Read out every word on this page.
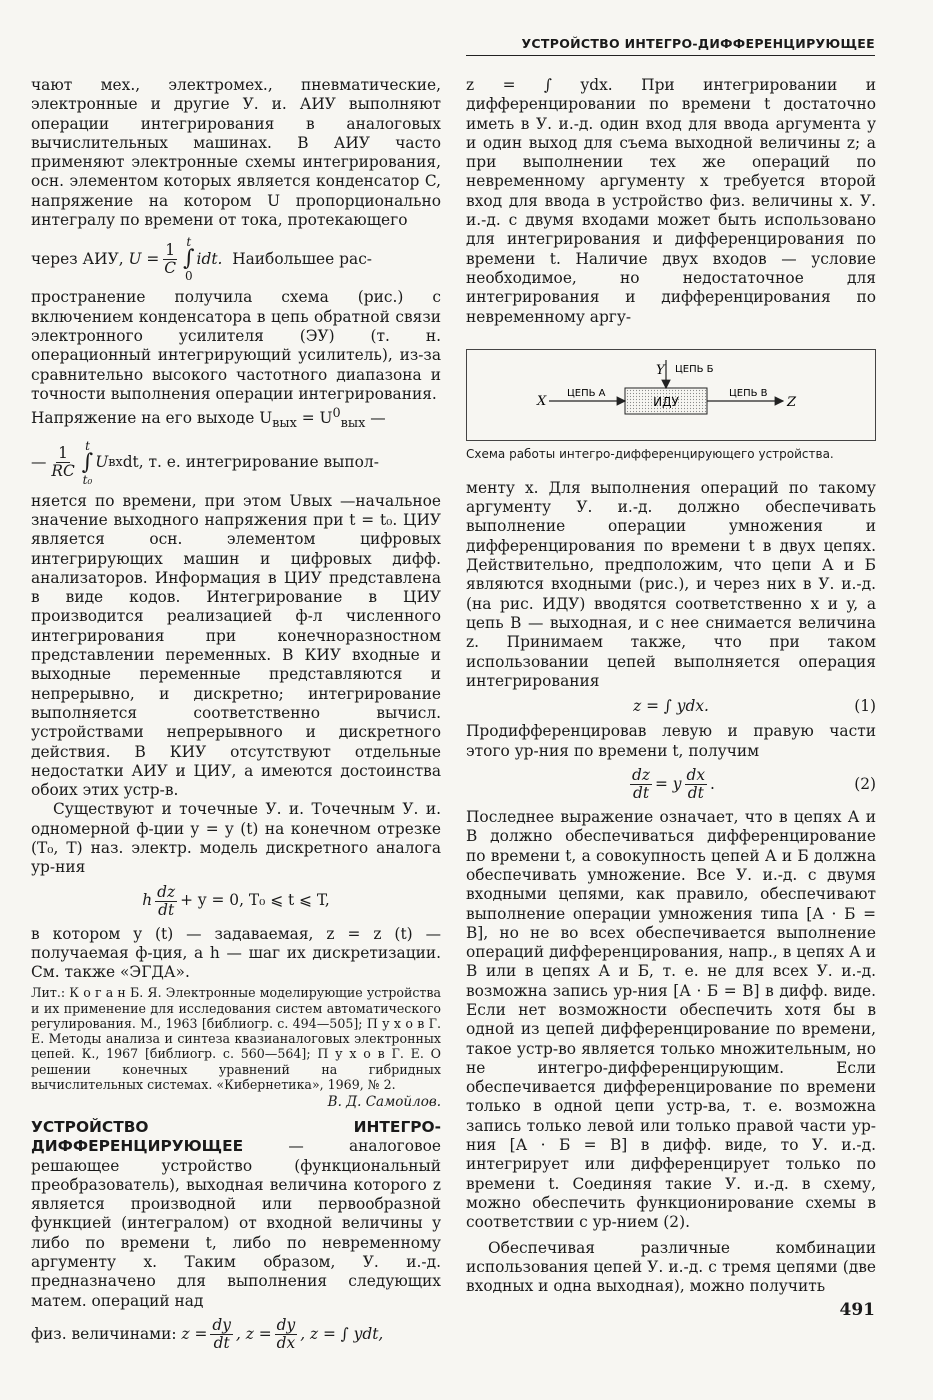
УСТРОЙСТВО ИНТЕГРО-ДИФФЕРЕНЦИРУЮЩЕЕ

чают мех., электромех., пневматические, электронные и другие У. и. АИУ выполняют операции интегрирования в аналоговых вычислительных машинах. В АИУ часто применяют электронные схемы интегрирования, осн. элементом которых является конденсатор C, напряжение на котором U пропорционально интегралу по времени от тока, протекающего

через АИУ,
$U = \frac{1}{C}$ t
∫
0
idt.
Наибольшее рас-

пространение получила схема (рис.) с включением конденсатора в цепь обратной связи электронного усилителя (ЭУ) (т. н. операционный интегрирующий усилитель), из-за сравнительно высокого частотного диапазона и точности выполнения операции интегрирования.

Напряжение на его выходе $U_{вых} = U^0_{вых}$ —

— $\frac{1}{RC}$ t
∫
t₀
U вх dt, т. е. интегрирование выпол-

няется по времени, при этом Uвых —начальное значение выходного напряжения при t = t₀. ЦИУ является осн. элементом цифровых интегрирующих машин и цифровых дифф. анализаторов. Информация в ЦИУ представлена в виде кодов. Интегрирование в ЦИУ производится реализацией ф-л численного интегрирования при конечноразностном представлении переменных. В КИУ входные и выходные переменные представляются и непрерывно, и дискретно; интегрирование выполняется соответственно вычисл. устройствами непрерывного и дискретного действия. В КИУ отсутствуют отдельные недостатки АИУ и ЦИУ, а имеются достоинства обоих этих устр-в.

Существуют и точечные У. и. Точечным У. и. одномерной ф-ции y = y (t) на конечном отрезке (T₀, T) наз. электр. модель дискретного аналога ур-ния

h $\frac{dz}{dt} + y = 0$, T₀ ⩽ t ⩽ T,

в котором y (t) — задаваемая, z = z (t) — получаемая ф-ция, а h — шаг их дискретизации. См. также «ЭГДА».

Лит.: К о г а н Б. Я. Электронные моделирующие устройства и их применение для исследования систем автоматического регулирования. М., 1963 [библиогр. с. 494—505]; П у х о в Г. Е. Методы анализа и синтеза квазианалоговых электронных цепей. К., 1967 [библиогр. с. 560—564]; П у х о в Г. Е. О решении конечных уравнений на гибридных вычислительных системах. «Кибернетика», 1969, № 2.
В. Д. Самойлов.

УСТРОЙСТВО ИНТЕГРО-ДИФФЕРЕНЦИРУЮЩЕЕ — аналоговое решающее устройство (функциональный преобразователь), выходная величина которого z является производной или первообразной функцией (интегралом) от входной величины y либо по времени t, либо по невременному аргументу x. Таким образом, У. и.-д. предназначено для выполнения следующих матем. операций над

физ. величинами:
$z = \frac{dy}{dt}$ , $z = \frac{dy}{dx}$ , z = ∫ ydt,

z = ∫ ydx. При интегрировании и дифференцировании по времени t достаточно иметь в У. и.-д. один вход для ввода аргумента y и один выход для съема выходной величины z; а при выполнении тех же операций по невременному аргументу x требуется второй вход для ввода в устройство физ. величины x. У. и.-д. с двумя входами может быть использовано для интегрирования и дифференцирования по времени t. Наличие двух входов — условие необходимое, но недостаточное для интегрирования и дифференцирования по невременному аргу-

ИДУ
X
ЦЕПЬ А
Y ЦЕПЬ Б
Z
ЦЕПЬ В
Схема работы интегро-дифференцирующего устройства.

менту x. Для выполнения операций по такому аргументу У. и.-д. должно обеспечивать выполнение операции умножения и дифференцирования по времени t в двух цепях. Действительно, предположим, что цепи А и Б являются входными (рис.), и через них в У. и.-д. (на рис. ИДУ) вводятся соответственно x и y, а цепь В — выходная, и с нее снимается величина z. Принимаем также, что при таком использовании цепей выполняется операция интегрирования

z = ∫ ydx.	(1)

Продифференцировав левую и правую части этого ур-ния по времени t, получим

$\frac{dz}{dt} = y \frac{dx}{dt}$ .	(2)

Последнее выражение означает, что в цепях А и В должно обеспечиваться дифференцирование по времени t, а совокупность цепей А и Б должна обеспечивать умножение. Все У. и.-д. с двумя входными цепями, как правило, обеспечивают выполнение операции умножения типа [А · Б = В], но не во всех обеспечивается выполнение операций дифференцирования, напр., в цепях А и В или в цепях А и Б, т. е. не для всех У. и.-д. возможна запись ур-ния [А · Б = В] в дифф. виде. Если нет возможности обеспечить хотя бы в одной из цепей дифференцирование по времени, такое устр-во является только множительным, но не интегро-дифференцирующим. Если обеспечивается дифференцирование по времени только в одной цепи устр-ва, т. е. возможна запись только левой или только правой части ур-ния [А · Б = В] в дифф. виде, то У. и.-д. интегрирует или дифференцирует только по времени t. Соединяя такие У. и.-д. в схему, можно обеспечить функционирование схемы в соответствии с ур-нием (2).

Обеспечивая различные комбинации использования цепей У. и.-д. с тремя цепями (две входных и одна выходная), можно получить

491
